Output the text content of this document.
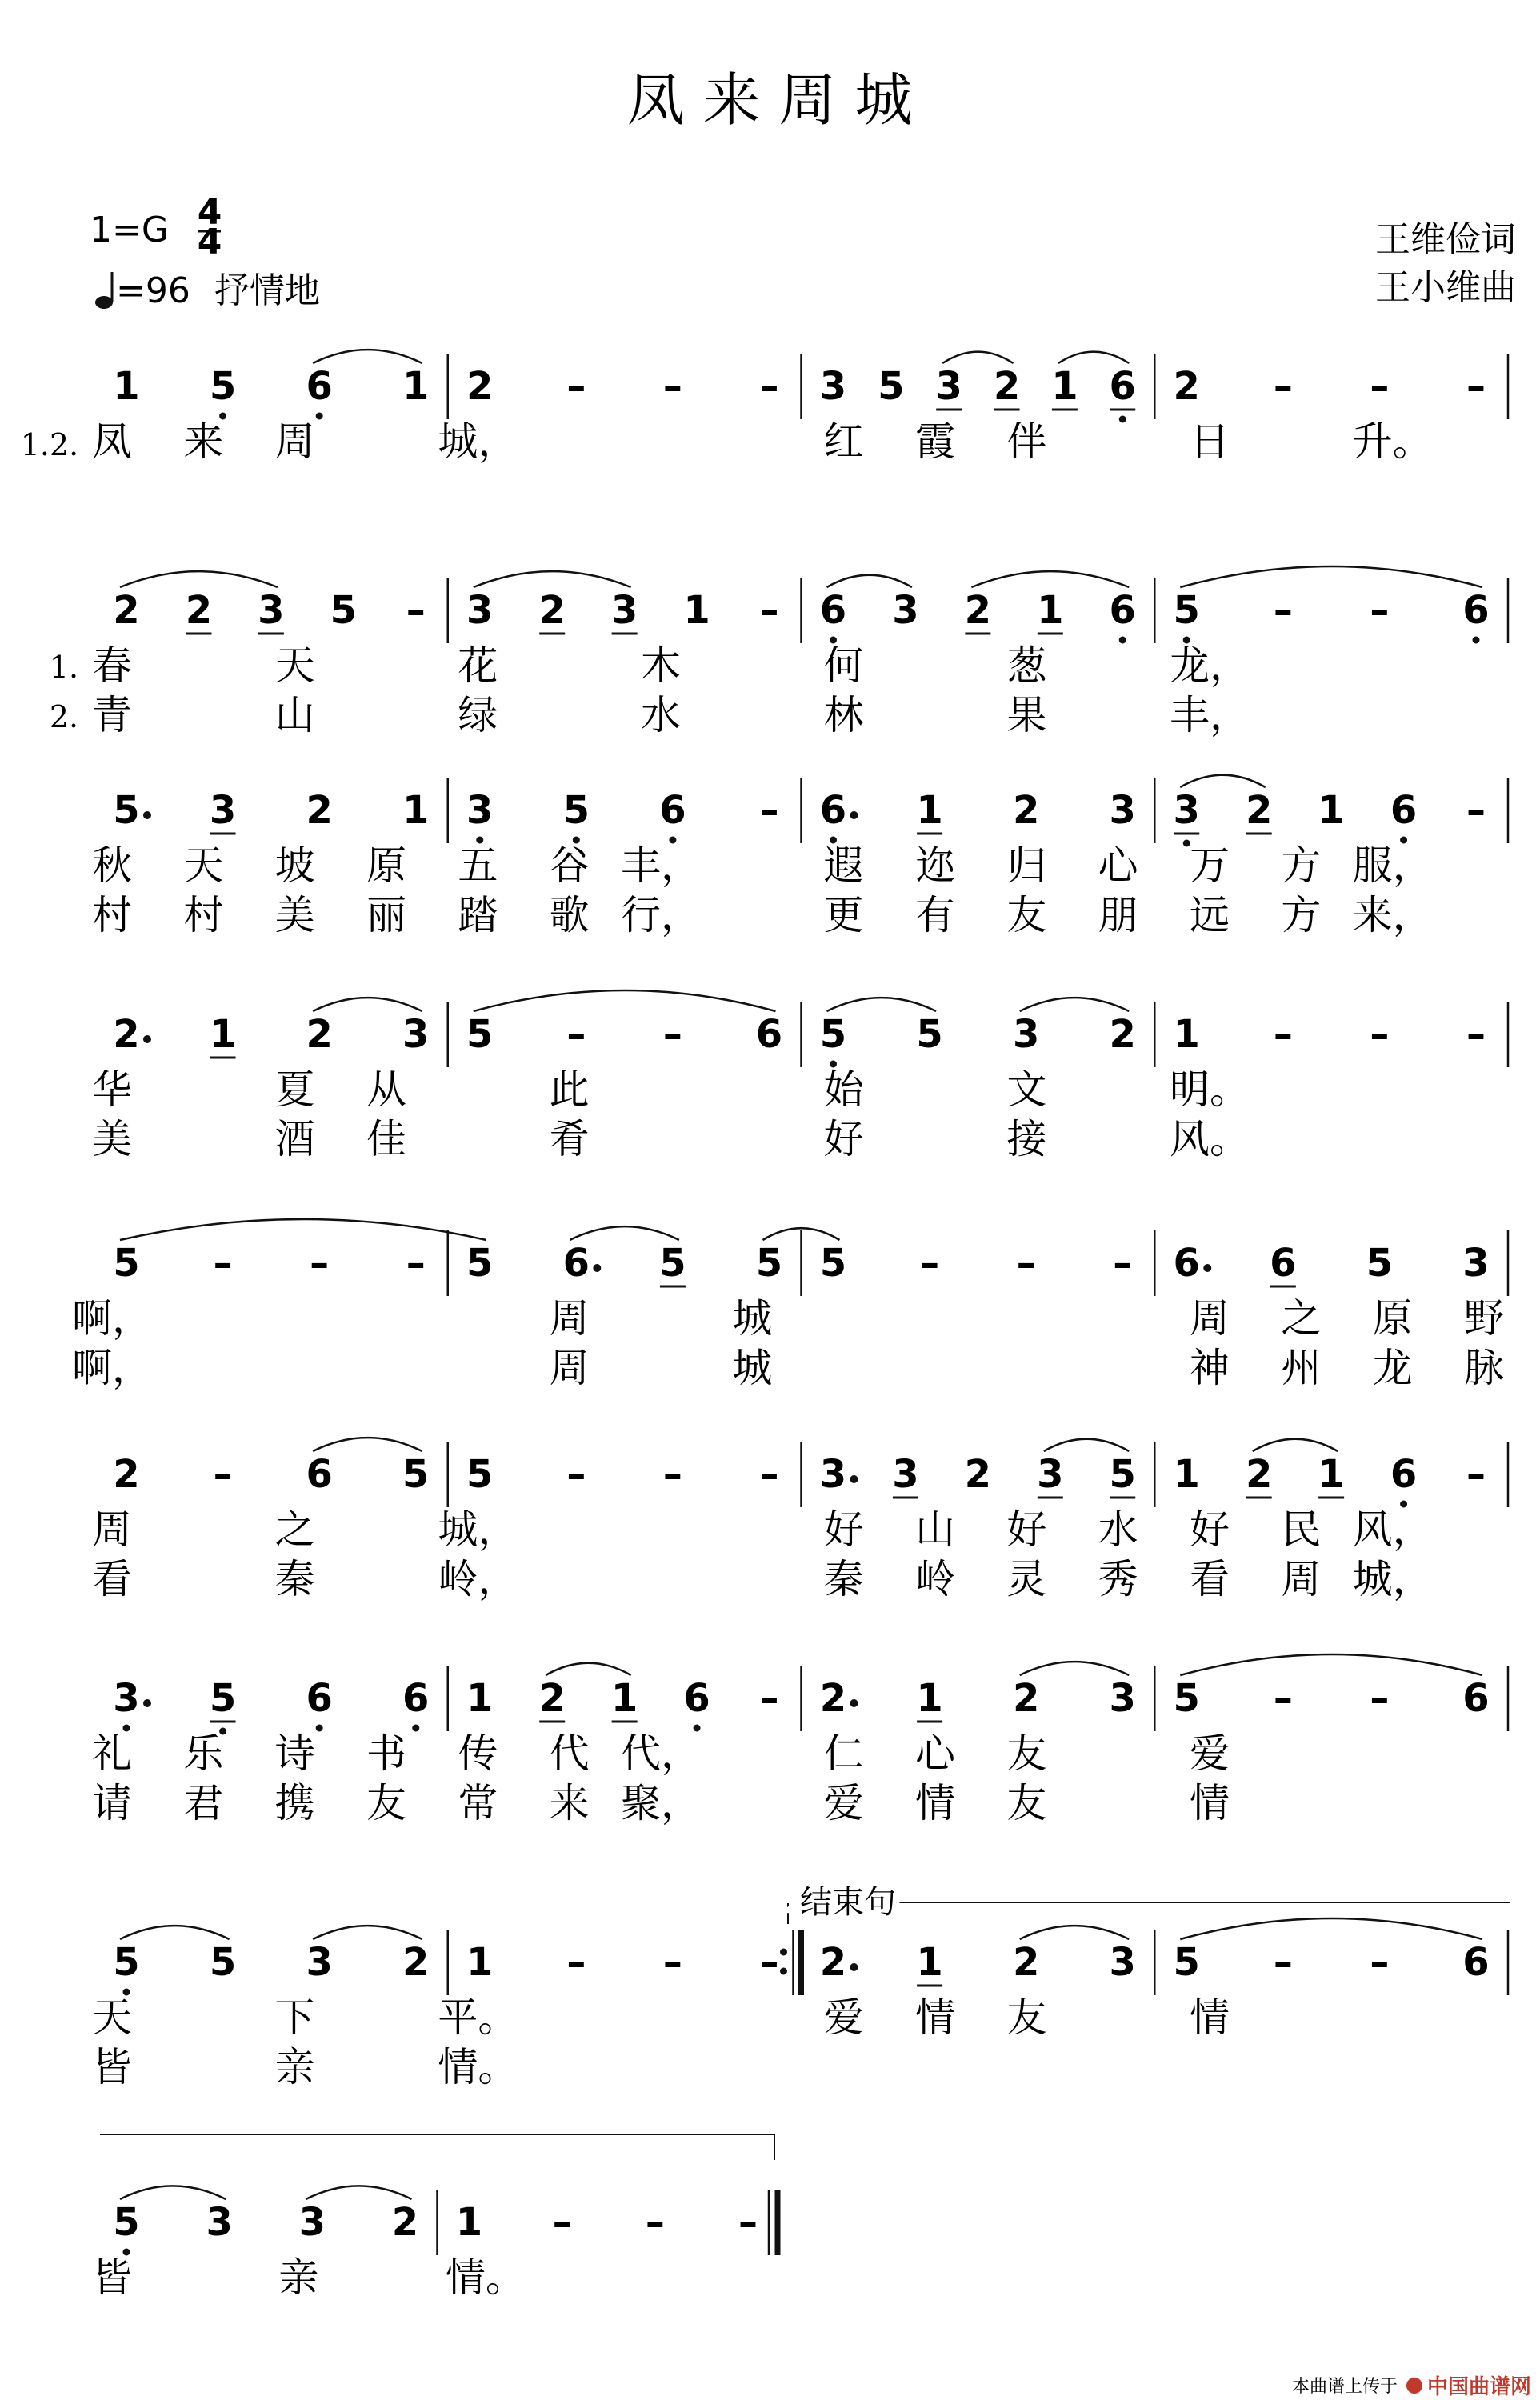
凤 来 周 城
1=G 4
4
=96 抒情地
王维俭词
王小维曲
1 5 6 1 2 – – – 3 5 3 2 1 6 2 – – –
凤 来 周	城，	红 霞 伴	日	升。
1.2.
2 2 3 5 – 3 2 3 1 – 6 3 2 1 6 5 – – 6
春	天	花	木	何	葱	龙，
1.
青	山	绿	水	林	果	丰，
2.
5 3 2 1 3 5 6 – 6 1 2 3 3 2 1 6 –
秋 天 坡 原 五 谷 丰，	遐 迩 归 心 万 方 服，
村 村 美 丽 踏 歌 行，	更 有 友 朋 远 方 来，
2 1 2 3 5 – – 6 5 5 3 2 1 – – –
华	夏 从	此	始	文	明。
美	酒 佳	肴	好	接	风。
5 – – – 5 6 5 5 5 – – – 6 6 5 3
啊，	周	城	周 之 原 野
啊，	周	城	神 州 龙 脉
2 – 6 5 5 – – – 3 3 2 3 5 1 2 1 6 –
周	之	城，	好 山 好 水 好 民 风，
看	秦	岭，	秦 岭 灵 秀 看 周 城，
3 5 6 6 1 2 1 6 – 2 1 2 3 5 – – 6
礼 乐 诗 书 传 代 代，	仁 心 友	爱
请 君 携 友 常 来 聚，	爱 情 友	情
5 5 3 2 1 – – – 2 1 2 3 5 – – 6
天	下	平。	爱 情 友	情
皆	亲	情。
5 3 3 2 1 – – –
皆	亲	情。
结束句
本曲谱上传于 中国曲谱网
